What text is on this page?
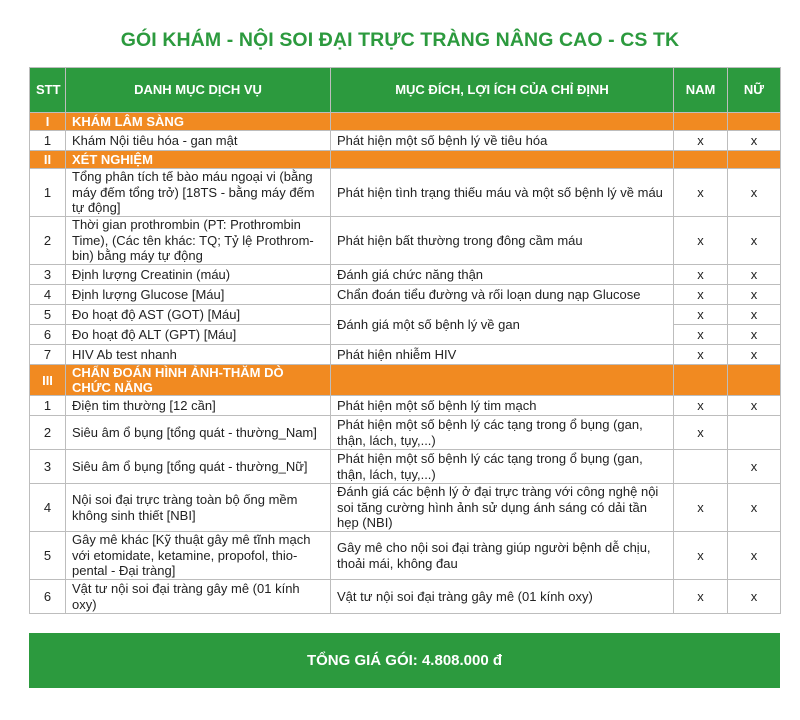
GÓI KHÁM - NỘI SOI ĐẠI TRỰC TRÀNG NÂNG CAO - CS TK
STT	DANH MỤC DỊCH VỤ	MỤC ĐÍCH, LỢI ÍCH CỦA CHỈ ĐỊNH	NAM	NỮ
I	KHÁM LÂM SÀNG			
1	Khám Nội tiêu hóa - gan mật	Phát hiện một số bệnh lý về tiêu hóa	x	x
II	XÉT NGHIỆM			
1	Tổng phân tích tế bào máu ngoại vi (bằng máy đếm tổng trở) [18TS - bằng máy đếm tự động]	Phát hiện tình trạng thiếu máu và một số bệnh lý về máu	x	x
2	Thời gian prothrombin (PT: Prothrombin Time), (Các tên khác: TQ; Tỷ lệ Prothrom-bin) bằng máy tự động	Phát hiện bất thường trong đông cầm máu	x	x
3	Định lượng Creatinin (máu)	Đánh giá chức năng thận	x	x
4	Định lượng Glucose [Máu]	Chẩn đoán tiểu đường và rối loạn dung nạp Glucose	x	x
5	Đo hoạt độ AST (GOT) [Máu]	Đánh giá một số bệnh lý về gan	x	x
6	Đo hoạt độ ALT (GPT) [Máu]		x	x
7	HIV Ab test nhanh	Phát hiện nhiễm HIV	x	x
III	CHẨN ĐOÁN HÌNH ẢNH-THĂM DÒ CHỨC NĂNG			
1	Điện tim thường [12 cần]	Phát hiện một số bệnh lý tim mạch	x	x
2	Siêu âm ổ bụng [tổng quát - thường_Nam]	Phát hiện một số bệnh lý các tạng trong ổ bụng (gan, thận, lách, tụy,...)	x	
3	Siêu âm ổ bụng [tổng quát - thường_Nữ]	Phát hiện một số bệnh lý các tạng trong ổ bụng (gan, thận, lách, tụy,...)		x
4	Nội soi đại trực tràng toàn bộ ống mềm không sinh thiết [NBI]	Đánh giá các bệnh lý ở đại trực tràng với công nghệ nội soi tăng cường hình ảnh sử dụng ánh sáng có dải tần hẹp (NBI)	x	x
5	Gây mê khác [Kỹ thuật gây mê tĩnh mạch với etomidate, ketamine, propofol, thio-pental - Đại tràng]	Gây mê cho nội soi đại tràng giúp người bệnh dễ chịu, thoải mái, không đau	x	x
6	Vật tư nội soi đại tràng gây mê (01 kính oxy)	Vật tư nội soi đại tràng gây mê (01 kính oxy)	x	x
TỔNG GIÁ GÓI: 4.808.000 đ
